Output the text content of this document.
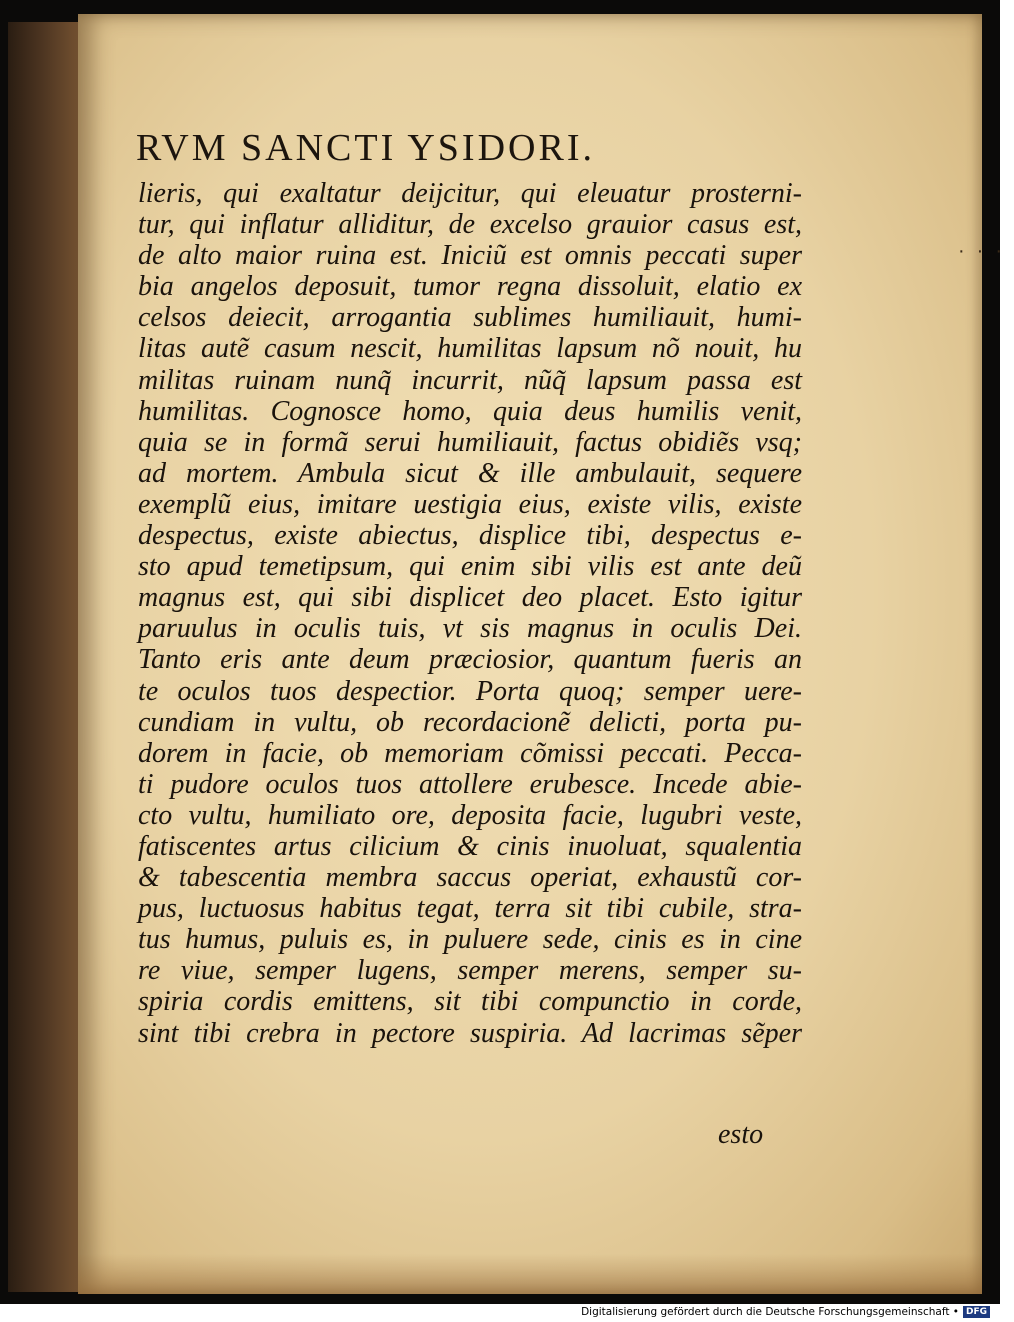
RVM SANCTI YSIDORI.
···
lieris, qui exaltatur deijcitur, qui eleuatur prosterni-
tur, qui inflatur alliditur, de excelso grauior casus est,
de alto maior ruina est. Iniciũ est omnis peccati super
bia angelos deposuit, tumor regna dissoluit, elatio ex
celsos deiecit, arrogantia sublimes humiliauit, humi-
litas autẽ casum nescit, humilitas lapsum nõ nouit, hu
militas ruinam nunq̃ incurrit, nũq̃ lapsum passa est
humilitas. Cognosce homo, quia deus humilis venit,
quia se in formã serui humiliauit, factus obidiẽs vsq;
ad mortem. Ambula sicut & ille ambulauit, sequere
exemplũ eius, imitare uestigia eius, existe vilis, existe
despectus, existe abiectus, displice tibi, despectus e-
sto apud temetipsum, qui enim sibi vilis est ante deũ
magnus est, qui sibi displicet deo placet. Esto igitur
paruulus in oculis tuis, vt sis magnus in oculis Dei.
Tanto eris ante deum præciosior, quantum fueris an
te oculos tuos despectior. Porta quoq; semper uere-
cundiam in vultu, ob recordacionẽ delicti, porta pu-
dorem in facie, ob memoriam cõmissi peccati. Pecca-
ti pudore oculos tuos attollere erubesce. Incede abie-
cto vultu, humiliato ore, deposita facie, lugubri veste,
fatiscentes artus cilicium & cinis inuoluat, squalentia
& tabescentia membra saccus operiat, exhaustũ cor-
pus, luctuosus habitus tegat, terra sit tibi cubile, stra-
tus humus, puluis es, in puluere sede, cinis es in cine
re viue, semper lugens, semper merens, semper su-
spiria cordis emittens, sit tibi compunctio in corde,
sint tibi crebra in pectore suspiria. Ad lacrimas sẽper
esto
Digitalisierung gefördert durch die Deutsche Forschungsgemeinschaft • DFG
